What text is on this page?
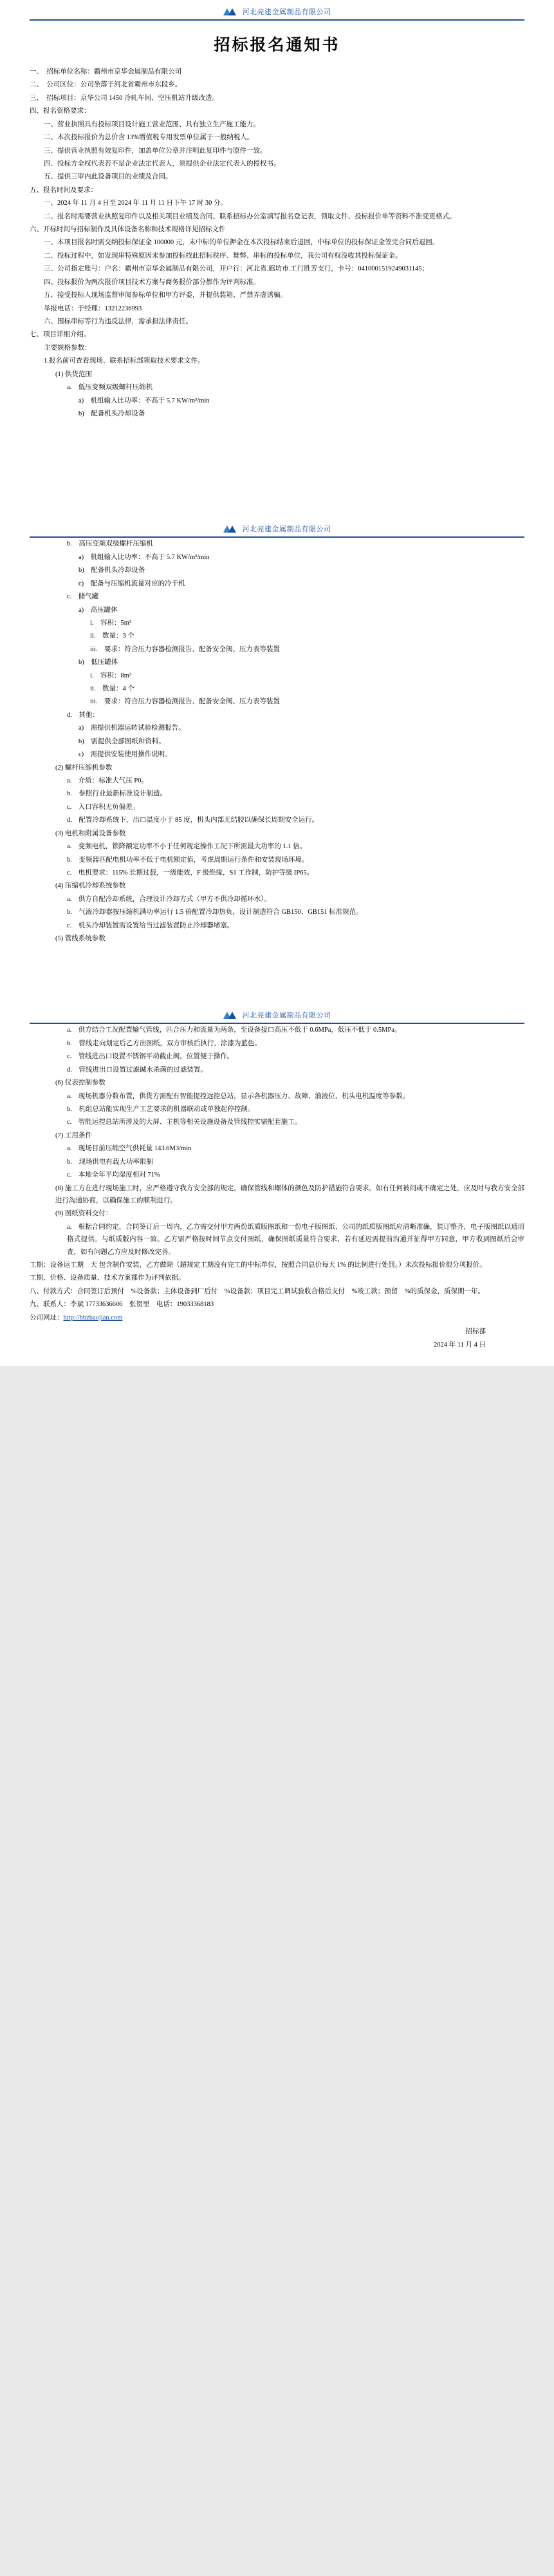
河北亮建金属制品有限公司
招标报名通知书
一、　招标单位名称：霸州市京华金属制品有限公司
二、　公司区位：公司坐落于河北省霸州市东段乡。
三、　招标项目：京华公司 1450 冷轧车间、空压机站升级改造。
四、报名资格要求：
一、营业执照具有投标项目设计施工营业范围、具有独立生产施工能力。
二、本次投标报价为总价含 13%增值税专用发票单位属于一般纳税人。
三、提供营业执照有效复印件，加盖单位公章并注明此复印件与原件一致。
四、投标方全权代表若不是企业法定代表人，须提供企业法定代表人的授权书。
五、提供三审内此设备项目的业绩及合同。
五、报名时间及要求：
一、2024 年 11 月 4 日至 2024 年 11 月 11 日下午 17 时 30 分。
二、报名时需要营业执照复印件以及相关项目业绩及合同、联系招标办公室填写报名登记表，领取文件、投标报价单等资料不准变更格式。
六、开标时间与招标制作及具体设备名称和技术规格详见招标文件
一、本项目报名时需交纳投标保证金 100000 元，未中标的单位押金在本次投标结束后退回，中标单位的投标保证金签完合同后退回。
二、投标过程中，如发现串特殊原因未参加投标找此招标秩序、舞弊、串标的投标单位，我公司有权没收其投标保证金。
三、公司指定账号：户名：霸州市京华金属制品有限公司，开户行：河北省.廊坊市.工行胜芳支行，卡号：0410001519249031145；
四、投标报价为两次报价项目技术方案与商务报价部分都作为评判标准。
五、接受投标人现场监督审阅参标单位和甲方评委，并提供装箱、严禁弄虚诱骗。
举报电话：于经理：13212236993
六、围标串标等行为违反法律，需承担法律责任。
七、项目详细介绍。
主要规格参数：
1.报名前可查看现场、联系招标部领取技术要求文件。
(1) 供货范围
a.　低压变频双级螺杆压缩机
a)　机组输入比功率：不高于 5.7 KW/m³/min
b)　配备机头冷却设备
河北亮建金属制品有限公司
b.　高压变频双级螺杆压缩机
a)　机组输入比功率：不高于 5.7 KW/m³/min
b)　配备机头冷却设备
c)　配备与压缩机流量对应的冷干机
c.　储气罐
a)　高压罐体
i.　容积：5m³
ii.　数量：3 个
iii.　要求：符合压力容器检测报告、配备安全阀、压力表等装置
b)　低压罐体
i.　容积：8m³
ii.　数量：4 个
iii.　要求：符合压力容器检测报告、配备安全阀、压力表等装置
d.　其他：
a)　需提供机器运转试验检测报告。
b)　需提供全部图纸和资料。
c)　需提供安装使用操作说明。
(2) 螺杆压缩机参数
a.　介质：标准大气压 P0。
b.　参照行业最新标准设计制造。
c.　入口容积无负偏差。
d.　配置冷却系统下，出口温度小于 85 度，机头内部无结胶以确保长周期安全运行。
(3) 电机和附属设备参数
a.　变频电机，锁降额定功率不小于任何规定操作工况下所需最大功率的 1.1 倍。
b.　变频器匹配电机功率不低于电机额定值，考虑周期运行条件和安装现场环境。
c.　电机要求：115% 长期过载，一级能效，F 级绝缘，S1 工作制，防护等级 IP65。
(4) 压缩机冷却系统参数
a.　供方自配冷却系统，合理设计冷却方式（甲方不供冷却循环水）。
b.　气液冷却器按压缩机满功率运行 1.5 倍配置冷却热负，设计制造符合 GB150、GB151 标准规范。
c.　机头冷却装置需设置给当过滤装置防止冷却器堵塞。
(5) 管线系统参数
河北亮建金属制品有限公司
a.　供方结合工况配置输气管线，匹合压力和流量为两条，至设备接口高压不低于 0.6MPa，低压不低于 0.5MPa。
b.　管线走向划定后乙方出图纸，双方审核后执行，涂漆为蓝色。
c.　管线进出口设置不锈钢平动截止阀，位置便于操作。
d.　管线进出口设置过滤碱水杀菌的过滤装置。
(6) 仪表控制参数
a.　现场机器分数布置，供货方需配有智能提控远控总站，显示各机器压力、故障、油液位、机头电机温度等参数。
b.　机组总站能实现生产工艺要求的机器联动或单独起停控制。
c.　智能运控总站所涉及的大屏、主机等相关设施设备及管线控实需配套施工。
(7) 工用条件
a.　现场目前压缩空气供耗量 143.6M3/min
b.　现场供电有载大功率限制
c.　本地全年平均湿度相对 71%
(8) 施工方在进行现场施工时，应严格遵守我方安全部的规定，确保管线和螺体的颜色及防护措施符合要求。如有任何被问或不确定之处，应及时与我方安全部进行沟通协商，以确保施工的顺利进行。
(9) 图纸资料交付：
a.　根据合同约定，合同签订后一周内，乙方需交付甲方两份纸质版图纸和一份电子版图纸、公司的纸质版图纸应清晰准确，装订整齐，电子版图纸以通用格式提供。与纸质版内容一致。乙方需严格按时间节点交付图纸，确保图纸质量符合要求，若有延迟需提前沟通并征得甲方同意，甲方收到图纸后会审查，如有问题乙方应及时修改完善。
工期：设备运工期　天 包含制作安装，乙方做除（超规定工期没有完工的中标单位，按照合同总价每天 1% 的比例进行处罚。）未次投标报价很分项报价。
工期、价格、设备质量、技术方案都作为评判依据。
八、付款方式：合同签订后预付　%设备款；主体设备到厂后付　%设备款；项目完工调试验收合格后支付　%竣工款；预留　%的质保金，质保期一年。
九、联系人：李斌 17733636606　张贺里　电话：19033368183
公司网址：http://hbzbaojian.com
招标部
2024 年 11 月 4 日
